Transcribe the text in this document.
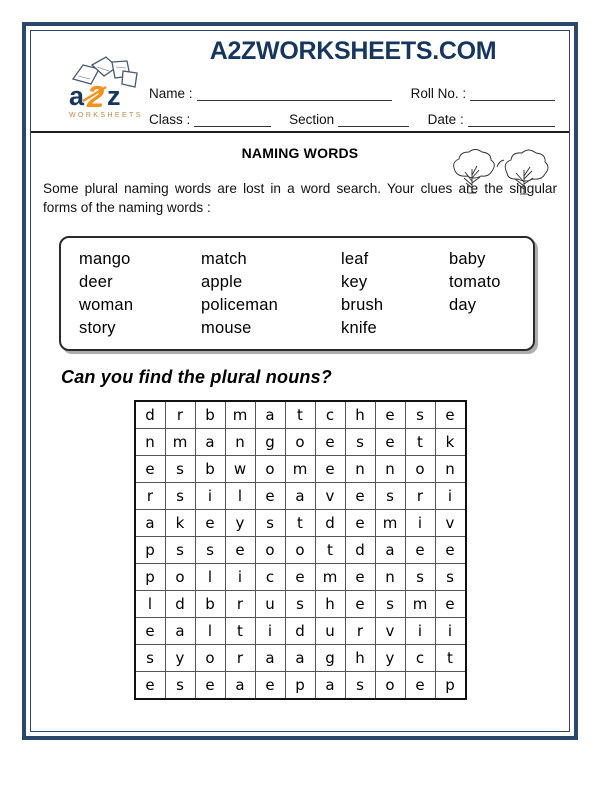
a 2 z
WORKSHEETS
A2ZWORKSHEETS.COM
Name :	Roll No. :
Class :	Section	Date :
NAMING WORDS
Some plural naming words are lost in a word search. Your clues are the singular forms of the naming words :
mango	match	leaf	baby
deer	apple	key	tomato
woman	policeman	brush	day
story	mouse	knife
Can you find the plural nouns?
d	r	b	m	a	t	c	h	e	s	e
n	m	a	n	g	o	e	s	e	t	k
e	s	b	w	o	m	e	n	n	o	n
r	s	i	l	e	a	v	e	s	r	i
a	k	e	y	s	t	d	e	m	i	v
p	s	s	e	o	o	t	d	a	e	e
p	o	l	i	c	e	m	e	n	s	s
l	d	b	r	u	s	h	e	s	m	e
e	a	l	t	i	d	u	r	v	i	i
s	y	o	r	a	a	g	h	y	c	t
e	s	e	a	e	p	a	s	o	e	p
